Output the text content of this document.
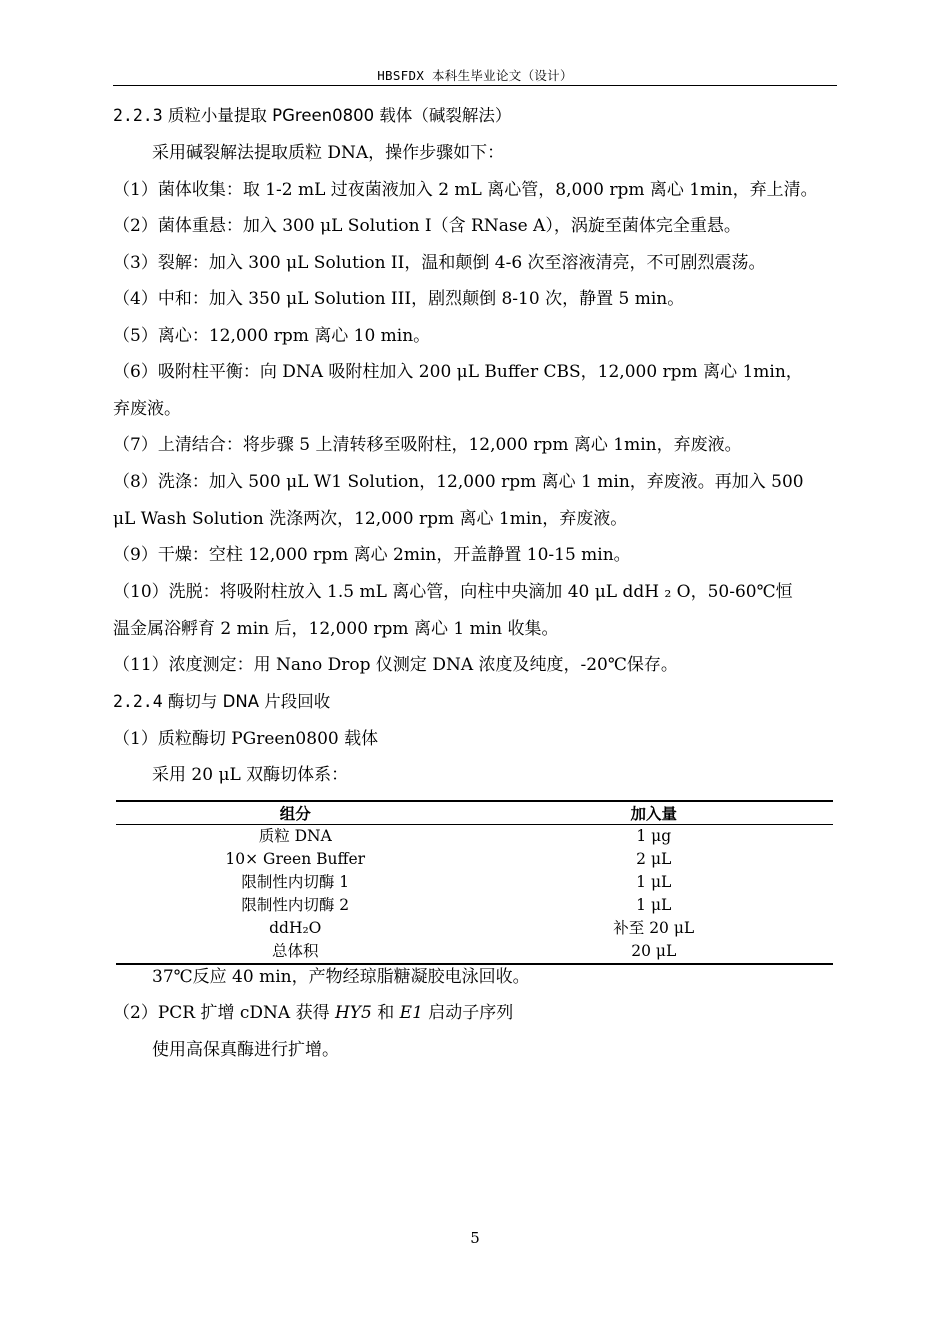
HBSFDX 本科生毕业论文（设计）
2.2.3 质粒小量提取 PGreen0800 载体（碱裂解法）
采用碱裂解法提取质粒 DNA，操作步骤如下：
（1）菌体收集：取 1-2 mL 过夜菌液加入 2 mL 离心管，8,000 rpm 离心 1min，弃上清。
（2）菌体重悬：加入 300 μL Solution I（含 RNase A），涡旋至菌体完全重悬。
（3）裂解：加入 300 μL Solution II，温和颠倒 4-6 次至溶液清亮，不可剧烈震荡。
（4）中和：加入 350 μL Solution III，剧烈颠倒 8-10 次，静置 5 min。
（5）离心：12,000 rpm 离心 10 min。
（6）吸附柱平衡：向 DNA 吸附柱加入 200 μL Buffer CBS，12,000 rpm 离心 1min，
弃废液。
（7）上清结合：将步骤 5 上清转移至吸附柱，12,000 rpm 离心 1min，弃废液。
（8）洗涤：加入 500 μL W1 Solution，12,000 rpm 离心 1 min，弃废液。再加入 500
μL Wash Solution 洗涤两次，12,000 rpm 离心 1min，弃废液。
（9）干燥：空柱 12,000 rpm 离心 2min，开盖静置 10-15 min。
（10）洗脱：将吸附柱放入 1.5 mL 离心管，向柱中央滴加 40 μL ddH ₂ O，50-60℃恒
温金属浴孵育 2 min 后，12,000 rpm 离心 1 min 收集。
（11）浓度测定：用 Nano Drop 仪测定 DNA 浓度及纯度，-20℃保存。
2.2.4 酶切与 DNA 片段回收
（1）质粒酶切 PGreen0800 载体
采用 20 μL 双酶切体系：
组分	加入量
质粒 DNA	1 μg
10× Green Buffer	2 μL
限制性内切酶 1	1 μL
限制性内切酶 2	1 μL
ddH₂O	补至 20 μL
总体积	20 μL
37℃反应 40 min，产物经琼脂糖凝胶电泳回收。
（2）PCR 扩增 cDNA 获得 HY5 和 E1 启动子序列
使用高保真酶进行扩增。
5
